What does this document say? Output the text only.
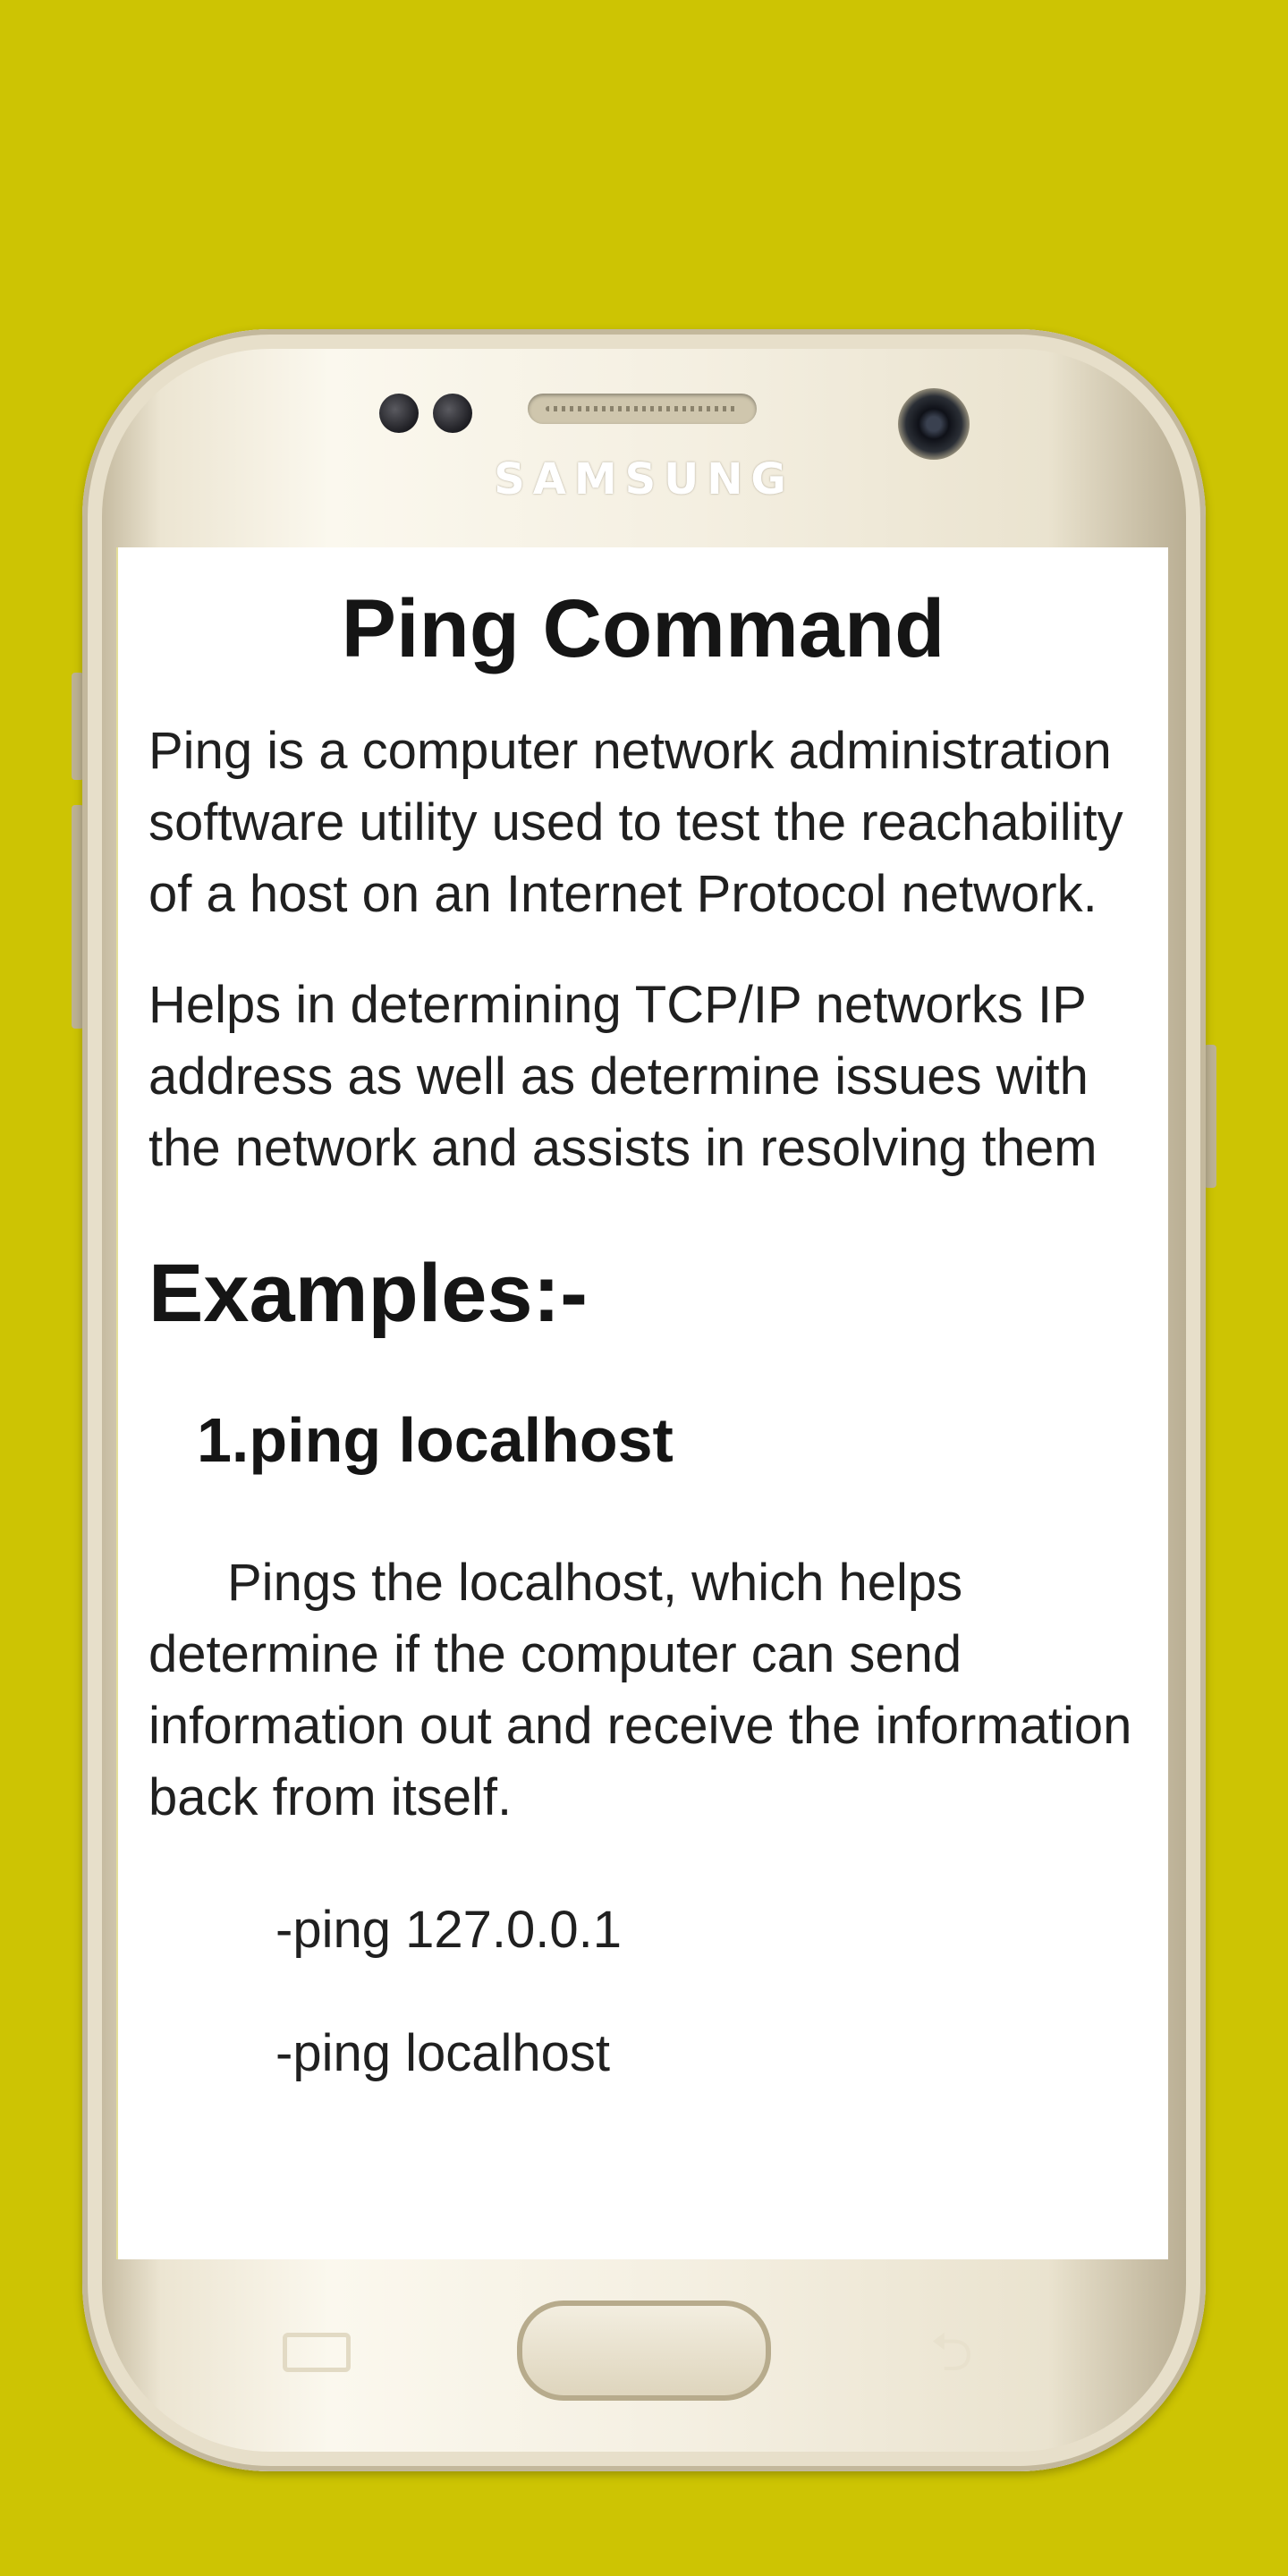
SAMSUNG
Ping Command

Ping is a computer network administration software utility used to test the reachability of a host on an Internet Protocol network.

Helps in determining TCP/IP networks IP address as well as determine issues with the network and assists in resolving them

Examples:-
1.ping localhost

Pings the localhost, which helps determine if the computer can send information out and receive the information back from itself.

-ping 127.0.0.1

-ping localhost

⮌
